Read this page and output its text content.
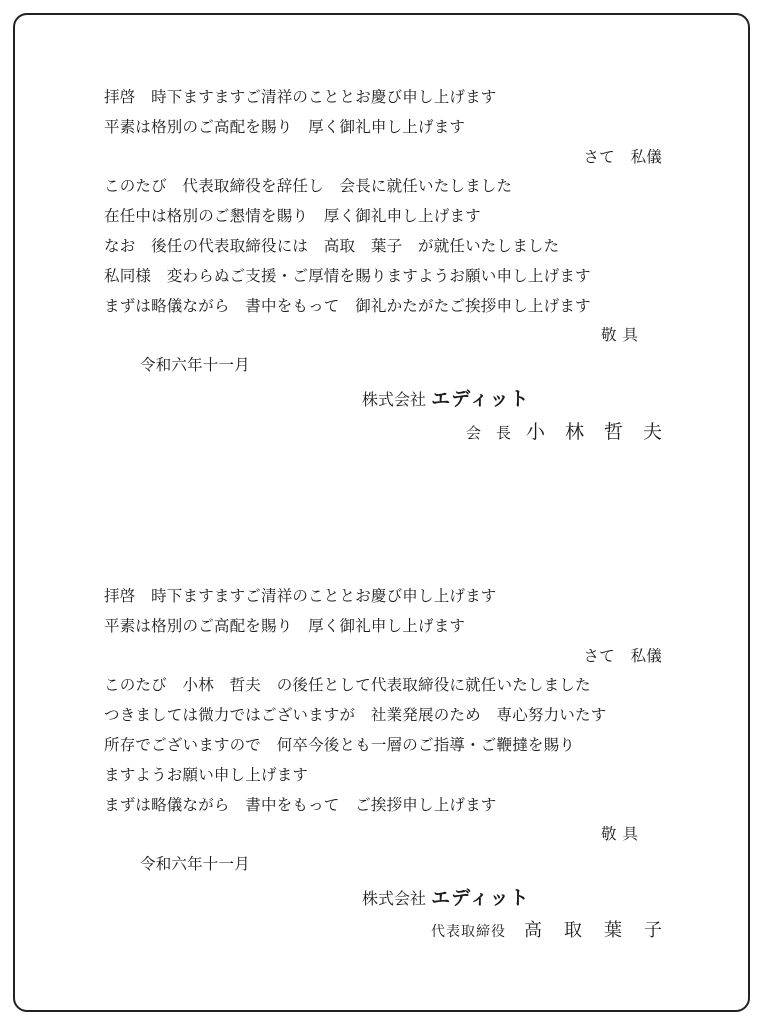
拝啓　時下ますますご清祥のこととお慶び申し上げます
平素は格別のご高配を賜り　厚く御礼申し上げます
さて　私儀
このたび　代表取締役を辞任し　会長に就任いたしました
在任中は格別のご懇情を賜り　厚く御礼申し上げます
なお　後任の代表取締役には　高取　葉子　が就任いたしました
私同様　変わらぬご支援・ご厚情を賜りますようお願い申し上げます
まずは略儀ながら　書中をもって　御礼かたがたご挨拶申し上げます
敬具
令和六年十一月
株式会社 エディット
会長小林哲夫
拝啓　時下ますますご清祥のこととお慶び申し上げます
平素は格別のご高配を賜り　厚く御礼申し上げます
さて　私儀
このたび　小林　哲夫　の後任として代表取締役に就任いたしました
つきましては微力ではございますが　社業発展のため　専心努力いたす
所存でございますので　何卒今後とも一層のご指導・ご鞭撻を賜り
ますようお願い申し上げます
まずは略儀ながら　書中をもって　ご挨拶申し上げます
敬具
令和六年十一月
株式会社 エディット
代表取締役 高取葉子
